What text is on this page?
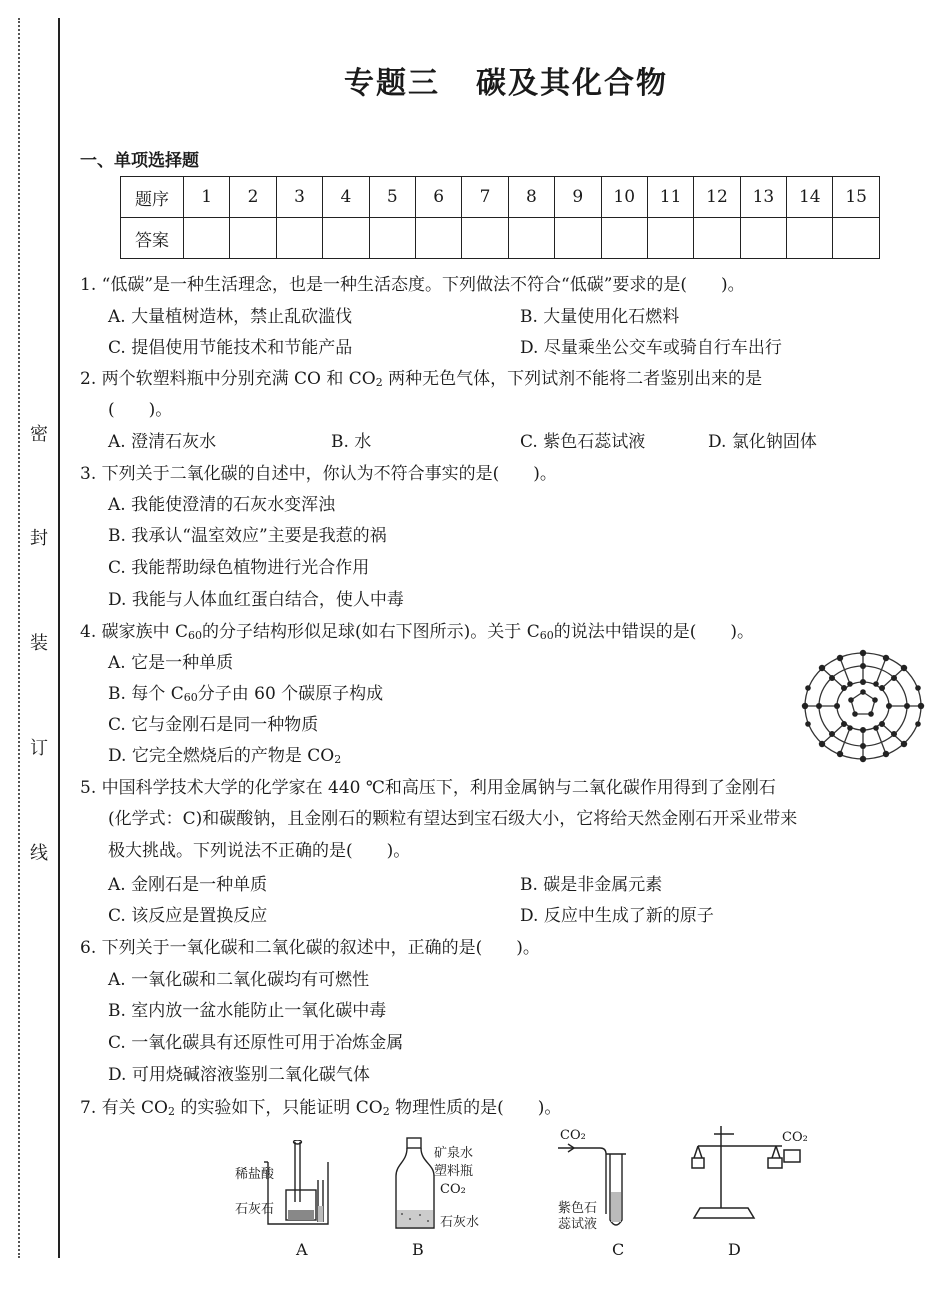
密
封
装
订
线
专题三 碳及其化合物
一、单项选择题
题序	1	2	3	4	5	6	7	8	9	10	11	12	13	14	15
答案															
1. “低碳”是一种生活理念，也是一种生活态度。下列做法不符合“低碳”要求的是(　　)。
A. 大量植树造林，禁止乱砍滥伐	B. 大量使用化石燃料
C. 提倡使用节能技术和节能产品	D. 尽量乘坐公交车或骑自行车出行
2. 两个软塑料瓶中分别充满 CO 和 $CO_2$ 两种无色气体，下列试剂不能将二者鉴别出来的是
(　　)。
A. 澄清石灰水	B. 水	C. 紫色石蕊试液	D. 氯化钠固体
3. 下列关于二氧化碳的自述中，你认为不符合事实的是(　　)。
A. 我能使澄清的石灰水变浑浊
B. 我承认“温室效应”主要是我惹的祸
C. 我能帮助绿色植物进行光合作用
D. 我能与人体血红蛋白结合，使人中毒
4. 碳家族中 $C_{60}$的分子结构形似足球(如右下图所示)。关于 $C_{60}$的说法中错误的是(　　)。
A. 它是一种单质
B. 每个 $C_{60}$分子由 60 个碳原子构成
C. 它与金刚石是同一种物质
D. 它完全燃烧后的产物是 $CO_2$
5. 中国科学技术大学的化学家在 440 ℃和高压下，利用金属钠与二氧化碳作用得到了金刚石
(化学式：C)和碳酸钠，且金刚石的颗粒有望达到宝石级大小，它将给天然金刚石开采业带来
极大挑战。下列说法不正确的是(　　)。
A. 金刚石是一种单质	B. 碳是非金属元素
C. 该反应是置换反应	D. 反应中生成了新的原子
6. 下列关于一氧化碳和二氧化碳的叙述中，正确的是(　　)。
A. 一氧化碳和二氧化碳均有可燃性
B. 室内放一盆水能防止一氧化碳中毒
C. 一氧化碳具有还原性可用于冶炼金属
D. 可用烧碱溶液鉴别二氧化碳气体
7. 有关 $CO_2$ 的实验如下，只能证明 $CO_2$ 物理性质的是(　　)。
稀盐酸
石灰石
A
矿泉水
塑料瓶
CO₂
石灰水
B
CO₂
紫色石
蕊试液
C
CO₂
D
